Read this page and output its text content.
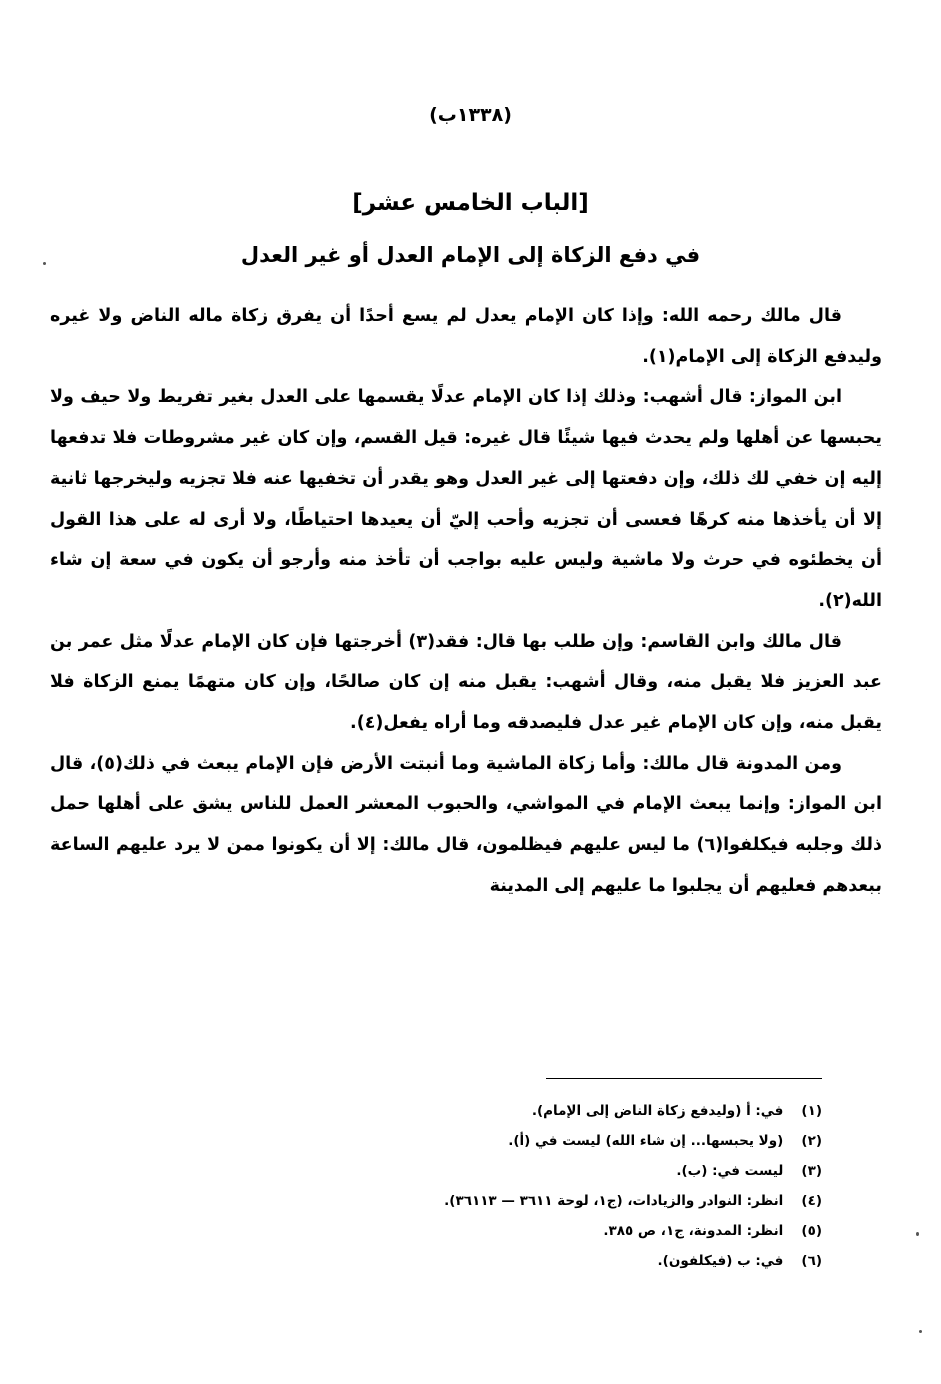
(١٣٣٨ب)
[الباب الخامس عشر]
في دفع الزكاة إلى الإمام العدل أو غير العدل

قال مالك رحمه الله: وإذا كان الإمام يعدل لم يسع أحدًا أن يفرق زكاة ماله الناض ولا غيره وليدفع الزكاة إلى الإمام(١).

ابن المواز: قال أشهب: وذلك إذا كان الإمام عدلًا يقسمها على العدل بغير تفريط ولا حيف ولا يحبسها عن أهلها ولم يحدث فيها شيئًا قال غيره: قيل القسم، وإن كان غير مشروطات فلا تدفعها إليه إن خفي لك ذلك، وإن دفعتها إلى غير العدل وهو يقدر أن تخفيها عنه فلا تجزيه وليخرجها ثانية إلا أن يأخذها منه كرهًا فعسى أن تجزيه وأحب إليّ أن يعيدها احتياطًا، ولا أرى له على هذا القول أن يخطئوه في حرث ولا ماشية وليس عليه بواجب أن تأخذ منه وأرجو أن يكون في سعة إن شاء الله(٢).

قال مالك وابن القاسم: وإن طلب بها قال: فقد(٣) أخرجتها فإن كان الإمام عدلًا مثل عمر بن عبد العزيز فلا يقبل منه، وقال أشهب: يقبل منه إن كان صالحًا، وإن كان متهمًا يمنع الزكاة فلا يقبل منه، وإن كان الإمام غير عدل فليصدقه وما أراه يفعل(٤).

ومن المدونة قال مالك: وأما زكاة الماشية وما أنبتت الأرض فإن الإمام يبعث في ذلك(٥)، قال ابن المواز: وإنما يبعث الإمام في المواشي، والحبوب المعشر العمل للناس يشق على أهلها حمل ذلك وجلبه فيكلفوا(٦) ما ليس عليهم فيظلمون، قال مالك: إلا أن يكونوا ممن لا يرد عليهم الساعة ببعدهم فعليهم أن يجلبوا ما عليهم إلى المدينة

(١) في: أ (وليدفع زكاة الناض إلى الإمام).
(٢) (ولا يحبسها... إن شاء الله) ليست في (أ).
(٣) ليست في: (ب).
(٤) انظر: النوادر والزيادات، (ج١، لوحة ٣٦١١ — ٣٦١١٣).
(٥) انظر: المدونة، ج١، ص ٣٨٥.
(٦) في: ب (فيكلفون).
